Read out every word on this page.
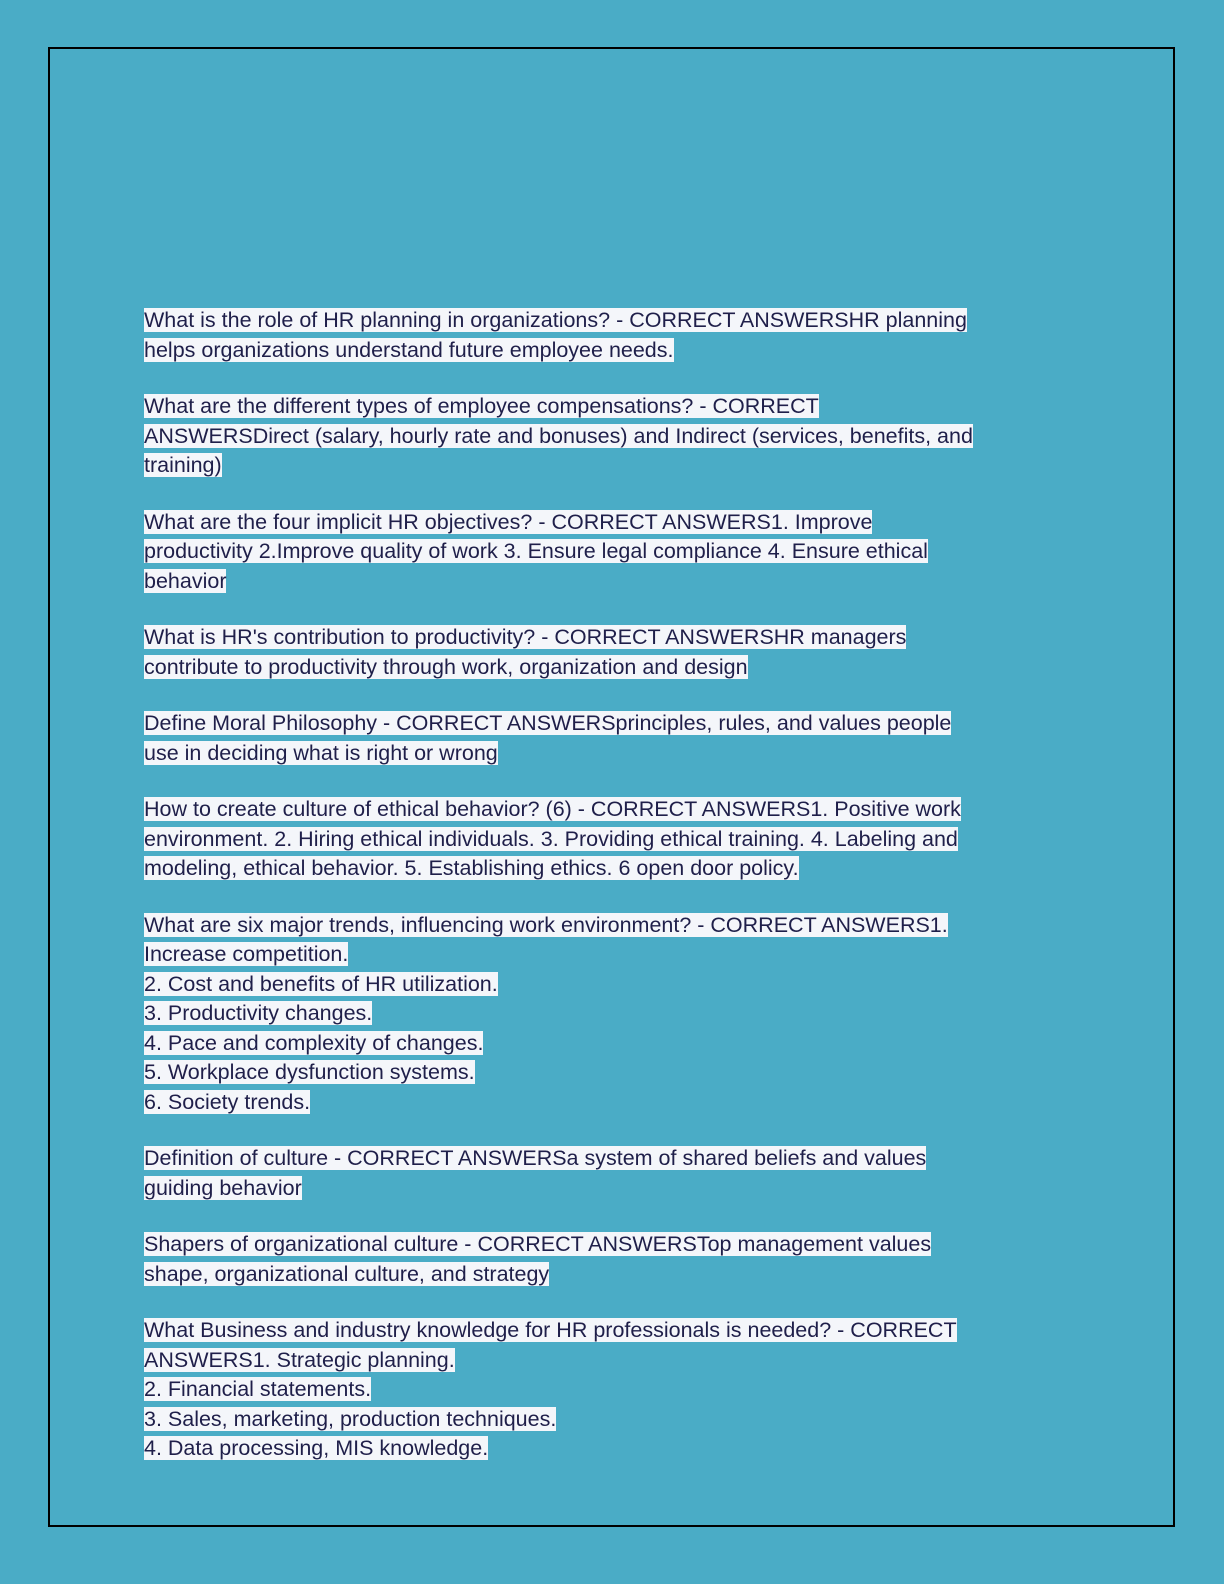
What is the role of HR planning in organizations? - CORRECT ANSWERSHR planning
helps organizations understand future employee needs.
What are the different types of employee compensations? - CORRECT
ANSWERSDirect (salary, hourly rate and bonuses) and Indirect (services, benefits, and
training)
What are the four implicit HR objectives? - CORRECT ANSWERS1. Improve
productivity 2.Improve quality of work 3. Ensure legal compliance 4. Ensure ethical
behavior
What is HR's contribution to productivity? - CORRECT ANSWERSHR managers
contribute to productivity through work, organization and design
Define Moral Philosophy - CORRECT ANSWERSprinciples, rules, and values people
use in deciding what is right or wrong
How to create culture of ethical behavior? (6) - CORRECT ANSWERS1. Positive work
environment. 2. Hiring ethical individuals. 3. Providing ethical training. 4. Labeling and
modeling, ethical behavior. 5. Establishing ethics. 6 open door policy.
What are six major trends, influencing work environment? - CORRECT ANSWERS1.
Increase competition.
2. Cost and benefits of HR utilization.
3. Productivity changes.
4. Pace and complexity of changes.
5. Workplace dysfunction systems.
6. Society trends.
Definition of culture - CORRECT ANSWERSa system of shared beliefs and values
guiding behavior
Shapers of organizational culture - CORRECT ANSWERSTop management values
shape, organizational culture, and strategy
What Business and industry knowledge for HR professionals is needed? - CORRECT
ANSWERS1. Strategic planning.
2. Financial statements.
3. Sales, marketing, production techniques.
4. Data processing, MIS knowledge.
